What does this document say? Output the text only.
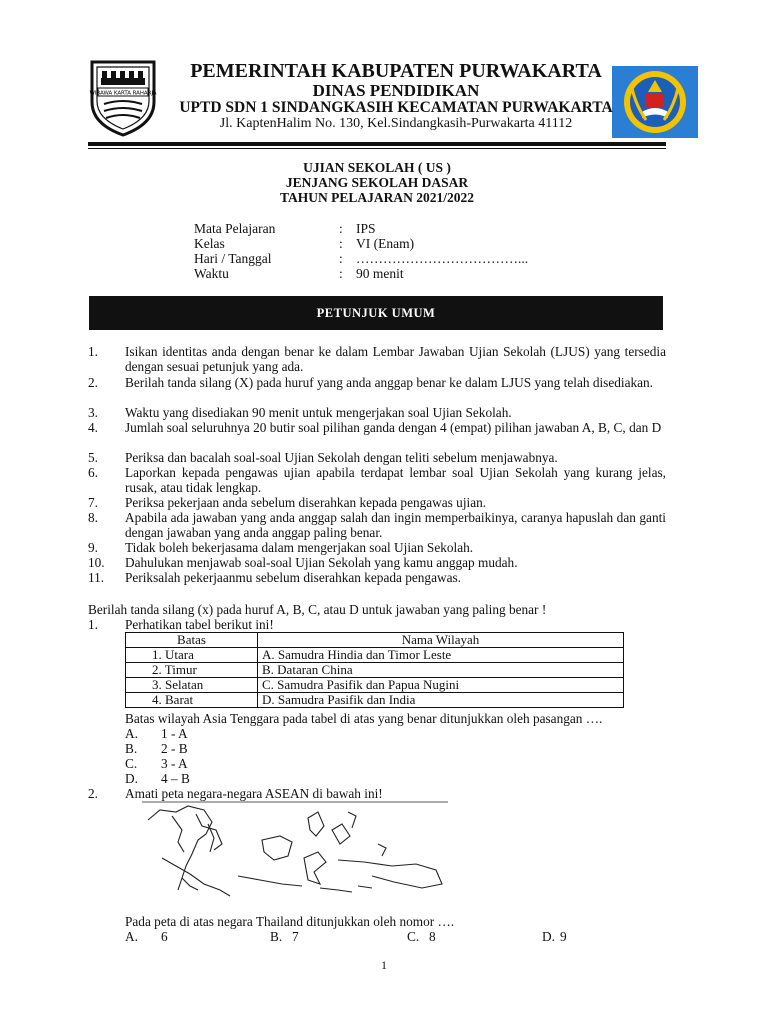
WIBAWA KARTA RAHARJA
PEMERINTAH KABUPATEN PURWAKARTA
DINAS PENDIDIKAN
UPTD SDN 1 SINDANGKASIH KECAMATAN PURWAKARTA
Jl. KaptenHalim No. 130, Kel.Sindangkasih-Purwakarta 41112
UJIAN SEKOLAH ( US )
JENJANG SEKOLAH DASAR
TAHUN PELAJARAN 2021/2022
Mata Pelajaran	: IPS
Kelas	: VI (Enam)
Hari / Tanggal	: ………………………………...
Waktu	: 90 menit
PETUNJUK UMUM
1. Isikan identitas anda dengan benar ke dalam Lembar Jawaban Ujian Sekolah (LJUS) yang tersedia dengan sesuai petunjuk yang ada.
2. Berilah tanda silang (X) pada huruf yang anda anggap benar ke dalam LJUS yang telah disediakan.
3. Waktu yang disediakan 90 menit untuk mengerjakan soal Ujian Sekolah.
4. Jumlah soal seluruhnya 20 butir soal pilihan ganda dengan 4 (empat) pilihan jawaban A, B, C, dan D
5. Periksa dan bacalah soal-soal Ujian Sekolah dengan teliti sebelum menjawabnya.
6. Laporkan kepada pengawas ujian apabila terdapat lembar soal Ujian Sekolah yang kurang jelas, rusak, atau tidak lengkap.
7. Periksa pekerjaan anda sebelum diserahkan kepada pengawas ujian.
8. Apabila ada jawaban yang anda anggap salah dan ingin memperbaikinya, caranya hapuslah dan ganti dengan jawaban yang anda anggap paling benar.
9. Tidak boleh bekerjasama dalam mengerjakan soal Ujian Sekolah.
10. Dahulukan menjawab soal-soal Ujian Sekolah yang kamu anggap mudah.
11. Periksalah pekerjaanmu sebelum diserahkan kepada pengawas.
Berilah tanda silang (x) pada huruf A, B, C, atau D untuk jawaban yang paling benar !
1. Perhatikan tabel berikut ini!
Batas	Nama Wilayah
1. Utara	A. Samudra Hindia dan Timor Leste
2. Timur	B. Dataran China
3. Selatan	C. Samudra Pasifik dan Papua Nugini
4. Barat	D. Samudra Pasifik dan India
Batas wilayah Asia Tenggara pada tabel di atas yang benar ditunjukkan oleh pasangan ….
A. 1 - A
B. 2 - B
C. 3 - A
D. 4 – B
2. Amati peta negara-negara ASEAN di bawah ini!
Pada peta di atas negara Thailand ditunjukkan oleh nomor ….
A. 6	B. 7	C. 8	D. 9
1
